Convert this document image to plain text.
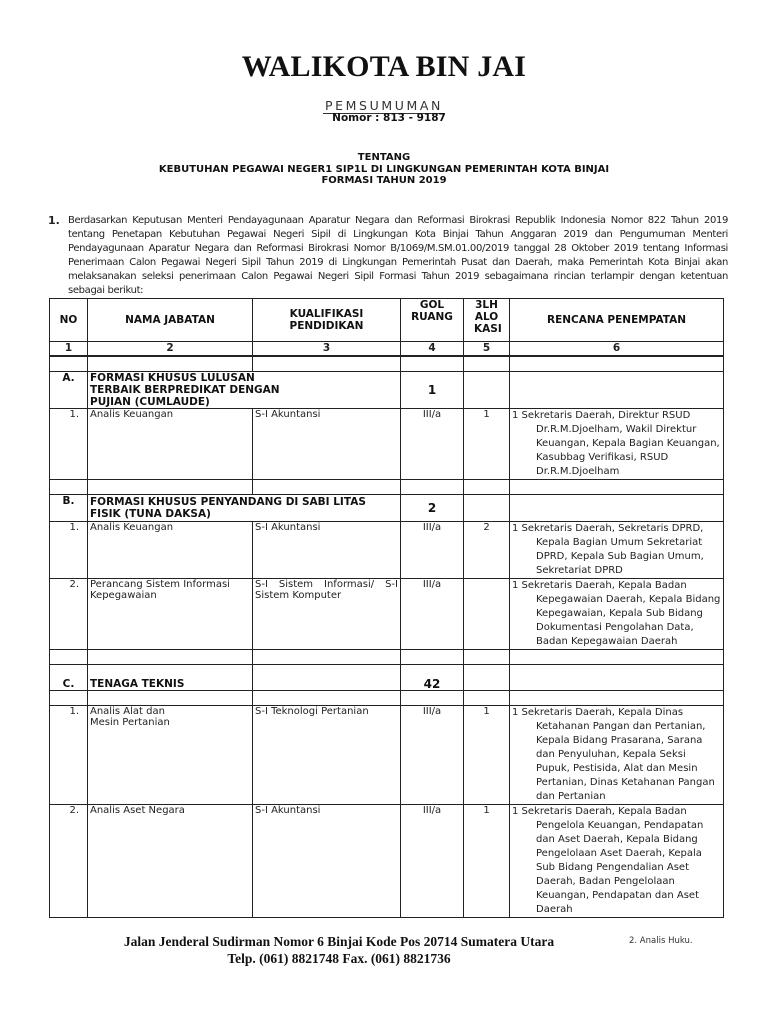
WALIKOTA BIN JAI
PEMSUMUMAN
Nomor : 813 - 9187
TENTANG
KEBUTUHAN PEGAWAI NEGER1 SIP1L DI LINGKUNGAN PEMERINTAH KOTA BINJAI
FORMASI TAHUN 2019
1. Berdasarkan Keputusan Menteri Pendayagunaan Aparatur Negara dan Reformasi Birokrasi Republik Indonesia Nomor 822 Tahun 2019 tentang Penetapan Kebutuhan Pegawai Negeri Sipil di Lingkungan Kota Binjai Tahun Anggaran 2019 dan Pengumuman Menteri Pendayagunaan Aparatur Negara dan Reformasi Birokrasi Nomor B/1069/M.SM.01.00/2019 tanggal 28 Oktober 2019 tentang Informasi Penerimaan Calon Pegawai Negeri Sipil Tahun 2019 di Lingkungan Pemerintah Pusat dan Daerah, maka Pemerintah Kota Binjai akan melaksanakan seleksi penerimaan Calon Pegawai Negeri Sipil Formasi Tahun 2019 sebagaimana rincian terlampir dengan ketentuan sebagai berikut:
NO	NAMA JABATAN	KUALIFIKASI PENDIDIKAN	GOL RUANG	3LH ALO KASI	RENCANA PENEMPATAN
1	2	3	4	5	6

A.	FORMASI KHUSUS LULUSAN TERBAIK BERPREDIKAT DENGAN PUJIAN (CUMLAUDE)		1		
1.	Analis Keuangan	S-I Akuntansi	III/a	1	1 Sekretaris Daerah, Direktur RSUD
Dr.R.M.Djoelham, Wakil Direktur Keuangan, Kepala Bagian Keuangan, Kasubbag Verifikasi, RSUD Dr.R.M.Djoelham

B.	FORMASI KHUSUS PENYANDANG DI SABI LITAS FISIK (TUNA DAKSA)		2		
1.	Analis Keuangan	S-I Akuntansi	III/a	2	1 Sekretaris Daerah, Sekretaris DPRD,
Kepala Bagian Umum Sekretariat DPRD, Kepala Sub Bagian Umum, Sekretariat DPRD

2.	Perancang Sistem Informasi Kepegawaian	S-I Sistem Informasi/ S-I Sistem Komputer	III/a		1 Sekretaris Daerah, Kepala Badan
Kepegawaian Daerah, Kepala Bidang Kepegawaian, Kepala Sub Bidang Dokumentasi Pengolahan Data, Badan Kepegawaian Daerah

C.	TENAGA TEKNIS		42		

1.	Analis Alat dan Mesin Pertanian	S-I Teknologi Pertanian	III/a	1	1 Sekretaris Daerah, Kepala Dinas
Ketahanan Pangan dan Pertanian, Kepala Bidang Prasarana, Sarana dan Penyuluhan, Kepala Seksi Pupuk, Pestisida, Alat dan Mesin Pertanian, Dinas Ketahanan Pangan dan Pertanian

2.	Analis Aset Negara	S-I Akuntansi	III/a	1	1 Sekretaris Daerah, Kepala Badan
Pengelola Keuangan, Pendapatan dan Aset Daerah, Kepala Bidang Pengelolaan Aset Daerah, Kepala Sub Bidang Pengendalian Aset Daerah, Badan Pengelolaan Keuangan, Pendapatan dan Aset Daerah
Jalan Jenderal Sudirman Nomor 6 Binjai Kode Pos 20714 Sumatera Utara
Telp. (061) 8821748 Fax. (061) 8821736
2. Analis Huku.
